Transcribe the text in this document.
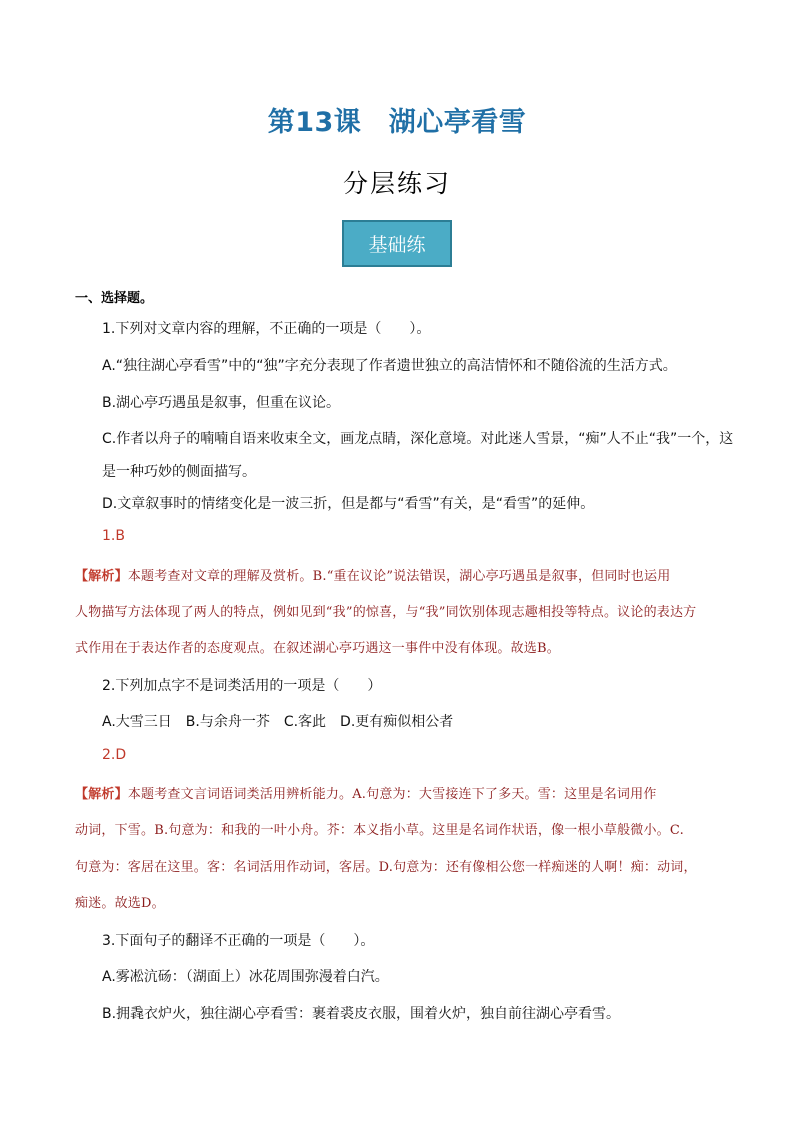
第13课　湖心亭看雪
分层练习
基础练
一、选择题。
1.下列对文章内容的理解，不正确的一项是（　　）。
A.“独往湖心亭看雪”中的“独”字充分表现了作者遗世独立的高洁情怀和不随俗流的生活方式。
B.湖心亭巧遇虽是叙事，但重在议论。
C.作者以舟子的喃喃自语来收束全文，画龙点睛，深化意境。对此迷人雪景，“痴”人不止“我”一个，这
是一种巧妙的侧面描写。
D.文章叙事时的情绪变化是一波三折，但是都与“看雪”有关，是“看雪”的延伸。
1.B
【解析】本题考查对文章的理解及赏析。B.“重在议论”说法错误，湖心亭巧遇虽是叙事，但同时也运用
人物描写方法体现了两人的特点，例如见到“我”的惊喜，与“我”同饮别体现志趣相投等特点。议论的表达方
式作用在于表达作者的态度观点。在叙述湖心亭巧遇这一事件中没有体现。故选B。
2.下列加点字不是词类活用的一项是（　　）
A.大雪三日　B.与余舟一芥　C.客此　D.更有痴似相公者
2.D
【解析】本题考查文言词语词类活用辨析能力。A.句意为：大雪接连下了多天。雪：这里是名词用作
动词，下雪。B.句意为：和我的一叶小舟。芥：本义指小草。这里是名词作状语，像一根小草般微小。C.
句意为：客居在这里。客：名词活用作动词，客居。D.句意为：还有像相公您一样痴迷的人啊！痴：动词，
痴迷。故选D。
3.下面句子的翻译不正确的一项是（　　）。
A.雾凇沆砀：（湖面上）冰花周围弥漫着白汽。
B.拥毳衣炉火，独往湖心亭看雪：裹着裘皮衣服，围着火炉，独自前往湖心亭看雪。
